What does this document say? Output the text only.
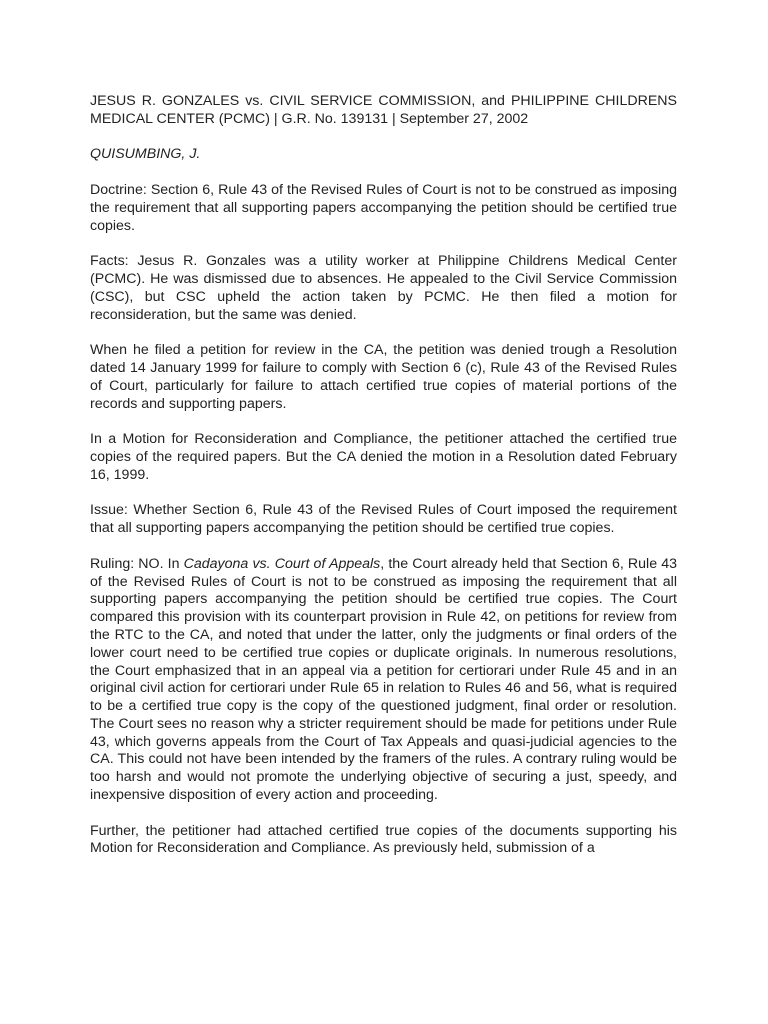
JESUS R. GONZALES vs. CIVIL SERVICE COMMISSION, and PHILIPPINE CHILDRENS MEDICAL CENTER (PCMC) | G.R. No. 139131 | September 27, 2002

QUISUMBING, J.

Doctrine: Section 6, Rule 43 of the Revised Rules of Court is not to be construed as imposing the requirement that all supporting papers accompanying the petition should be certified true copies.

Facts: Jesus R. Gonzales was a utility worker at Philippine Childrens Medical Center (PCMC). He was dismissed due to absences. He appealed to the Civil Service Commission (CSC), but CSC upheld the action taken by PCMC. He then filed a motion for reconsideration, but the same was denied.

When he filed a petition for review in the CA, the petition was denied trough a Resolution dated 14 January 1999 for failure to comply with Section 6 (c), Rule 43 of the Revised Rules of Court, particularly for failure to attach certified true copies of material portions of the records and supporting papers.

In a Motion for Reconsideration and Compliance, the petitioner attached the certified true copies of the required papers. But the CA denied the motion in a Resolution dated February 16, 1999.

Issue: Whether Section 6, Rule 43 of the Revised Rules of Court imposed the requirement that all supporting papers accompanying the petition should be certified true copies.

Ruling: NO. In Cadayona vs. Court of Appeals, the Court already held that Section 6, Rule 43 of the Revised Rules of Court is not to be construed as imposing the requirement that all supporting papers accompanying the petition should be certified true copies. The Court compared this provision with its counterpart provision in Rule 42, on petitions for review from the RTC to the CA, and noted that under the latter, only the judgments or final orders of the lower court need to be certified true copies or duplicate originals. In numerous resolutions, the Court emphasized that in an appeal via a petition for certiorari under Rule 45 and in an original civil action for certiorari under Rule 65 in relation to Rules 46 and 56, what is required to be a certified true copy is the copy of the questioned judgment, final order or resolution. The Court sees no reason why a stricter requirement should be made for petitions under Rule 43, which governs appeals from the Court of Tax Appeals and quasi-judicial agencies to the CA. This could not have been intended by the framers of the rules. A contrary ruling would be too harsh and would not promote the underlying objective of securing a just, speedy, and inexpensive disposition of every action and proceeding.

Further, the petitioner had attached certified true copies of the documents supporting his Motion for Reconsideration and Compliance. As previously held, submission of a
